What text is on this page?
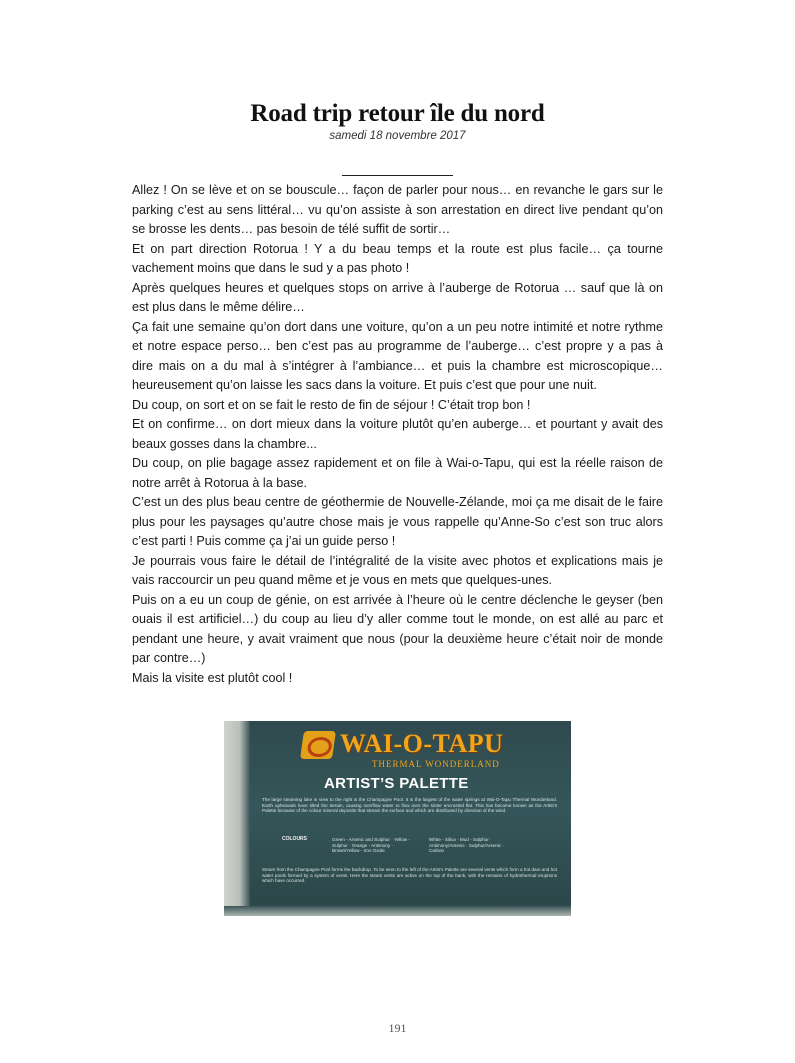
Road trip retour île du nord
samedi 18 novembre 2017

Allez ! On se lève et on se bouscule… façon de parler pour nous… en revanche le gars sur le parking c’est au sens littéral… vu qu’on assiste à son arrestation en direct live pendant qu’on se brosse les dents… pas besoin de télé suffit de sortir…

Et on part direction Rotorua ! Y a du beau temps et la route est plus facile… ça tourne vachement moins que dans le sud y a pas photo !

Après quelques heures et quelques stops on arrive à l’auberge de Rotorua … sauf que là on est plus dans le même délire…

Ça fait une semaine qu’on dort dans une voiture, qu’on a un peu notre intimité et notre rythme et notre espace perso… ben c’est pas au programme de l’auberge… c’est propre y a pas à dire mais on a du mal à s’intégrer à l’ambiance… et puis la chambre est microscopique… heureusement qu’on laisse les sacs dans la voiture. Et puis c’est que pour une nuit.

Du coup, on sort et on se fait le resto de fin de séjour ! C’était trop bon !

Et on confirme… on dort mieux dans la voiture plutôt qu’en auberge… et pourtant y avait des beaux gosses dans la chambre...

Du coup, on plie bagage assez rapidement et on file à Wai-o-Tapu, qui est la réelle raison de notre arrêt à Rotorua à la base.

C’est un des plus beau centre de géothermie de Nouvelle-Zélande, moi ça me disait de le faire plus pour les paysages qu’autre chose mais je vous rappelle qu’Anne-So c’est son truc alors c’est parti ! Puis comme ça j’ai un guide perso !

Je pourrais vous faire le détail de l’intégralité de la visite avec photos et explications mais je vais raccourcir un peu quand même et je vous en mets que quelques-unes.

Puis on a eu un coup de génie, on est arrivée à l’heure où le centre déclenche le geyser (ben ouais il est artificiel…) du coup au lieu d’y aller comme tout le monde, on est allé au parc et pendant une heure, y avait vraiment que nous (pour la deuxième heure c’était noir de monde par contre…)

Mais la visite est plutôt cool !

WAI-O-TAPU
THERMAL WONDERLAND
ARTIST’S PALETTE
The large steaming lake in view to the right is the Champagne Pool. It is the largest of the water springs at Wai-O-Tapu Thermal Wonderland. Earth upheavals have tilted the terrain, causing overflow water to flow over the sinter encrusted flat. This has become known as the Artist’s Palette because of the colour mineral deposits that stream the surface and which are distributed by direction of the wind.
COLOURS	Green - Arsenic and Sulphur · Yellow - Sulphur · Orange - Antimony · Brown/Yellow - Iron Oxide
White - Silica · Mud - Sulphur · Antimony/Arsenic · Sulphur/Arsenic · Carbon
Steam from the Champagne Pool forms the backdrop. To be seen to the left of the Artist’s Palette are several vents which form a hot dam and hot water pools formed by a system of vents. Here the steam vents are active on the top of the bank, with the remains of hydrothermal eruptions which have occurred.
191
